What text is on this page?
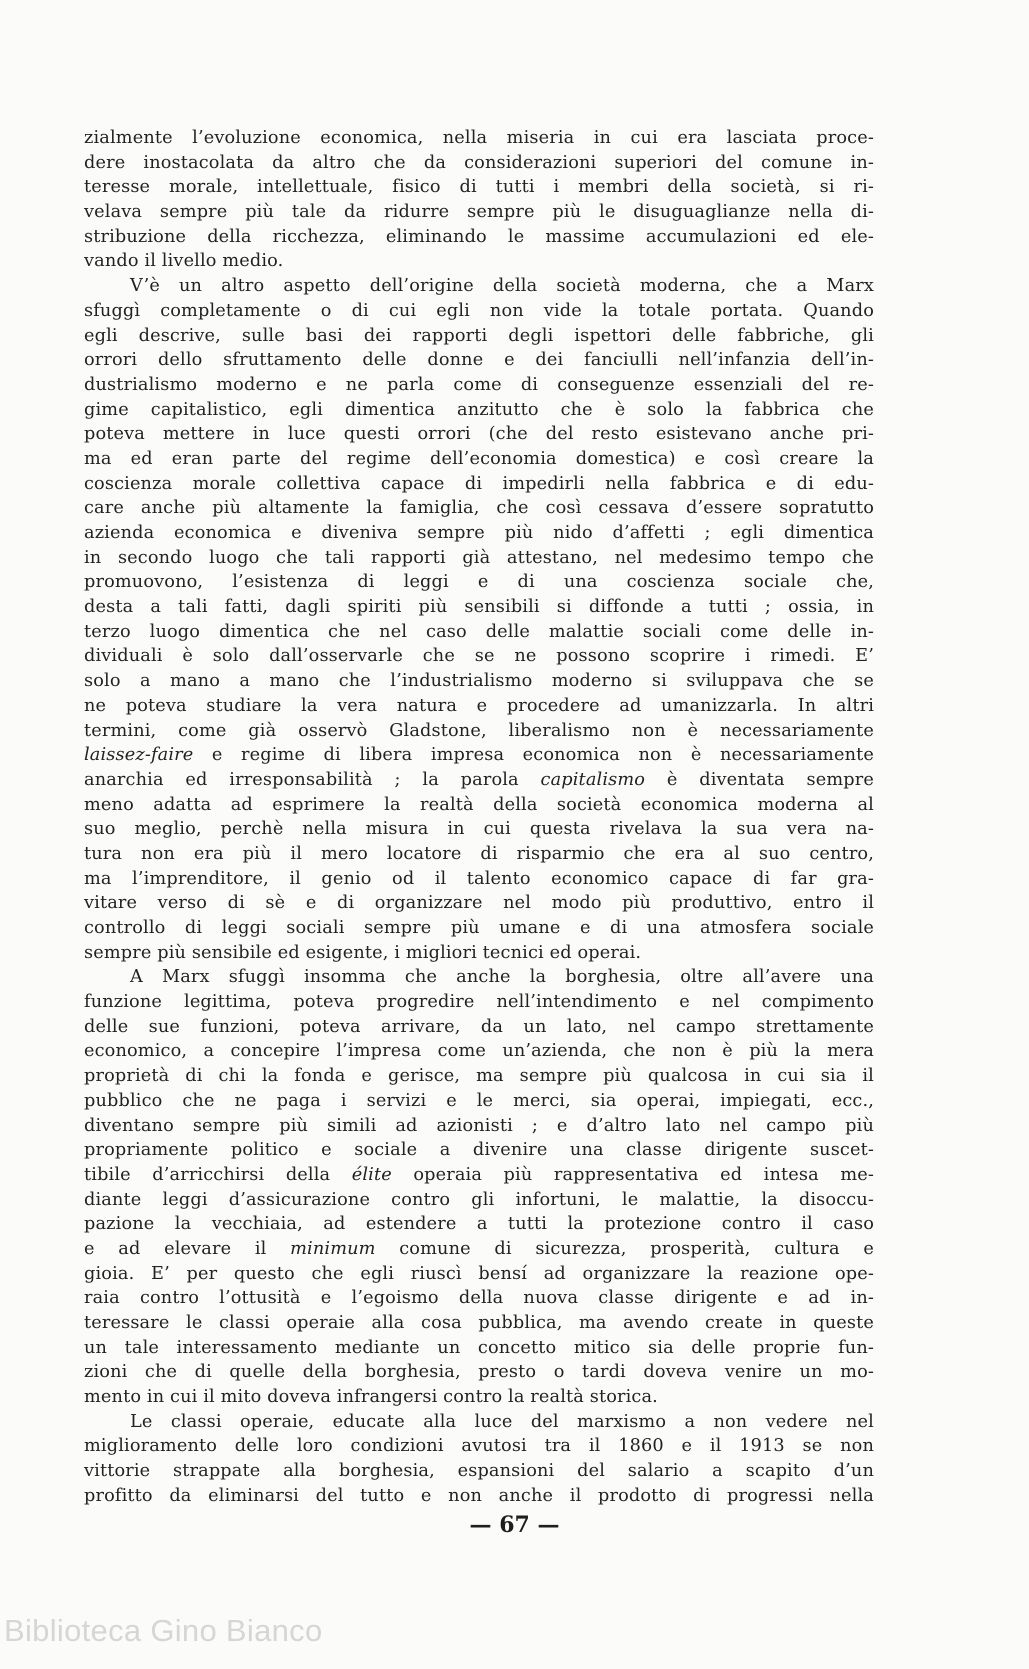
zialmente l’evoluzione economica, nella miseria in cui era lasciata proce-
dere inostacolata da altro che da considerazioni superiori del comune in-
teresse morale, intellettuale, fisico di tutti i membri della società, si ri-
velava sempre più tale da ridurre sempre più le disuguaglianze nella di-
stribuzione della ricchezza, eliminando le massime accumulazioni ed ele-
vando il livello medio.
V’è un altro aspetto dell’origine della società moderna, che a Marx
sfuggì completamente o di cui egli non vide la totale portata. Quando
egli descrive, sulle basi dei rapporti degli ispettori delle fabbriche, gli
orrori dello sfruttamento delle donne e dei fanciulli nell’infanzia dell’in-
dustrialismo moderno e ne parla come di conseguenze essenziali del re-
gime capitalistico, egli dimentica anzitutto che è solo la fabbrica che
poteva mettere in luce questi orrori (che del resto esistevano anche pri-
ma ed eran parte del regime dell’economia domestica) e così creare la
coscienza morale collettiva capace di impedirli nella fabbrica e di edu-
care anche più altamente la famiglia, che così cessava d’essere sopratutto
azienda economica e diveniva sempre più nido d’affetti ; egli dimentica
in secondo luogo che tali rapporti già attestano, nel medesimo tempo che
promuovono, l’esistenza di leggi e di una coscienza sociale che,
desta a tali fatti, dagli spiriti più sensibili si diffonde a tutti ; ossia, in
terzo luogo dimentica che nel caso delle malattie sociali come delle in-
dividuali è solo dall’osservarle che se ne possono scoprire i rimedi. E’
solo a mano a mano che l’industrialismo moderno si sviluppava che se
ne poteva studiare la vera natura e procedere ad umanizzarla. In altri
termini, come già osservò Gladstone, liberalismo non è necessariamente
laissez-faire e regime di libera impresa economica non è necessariamente
anarchia ed irresponsabilità ; la parola capitalismo è diventata sempre
meno adatta ad esprimere la realtà della società economica moderna al
suo meglio, perchè nella misura in cui questa rivelava la sua vera na-
tura non era più il mero locatore di risparmio che era al suo centro,
ma l’imprenditore, il genio od il talento economico capace di far gra-
vitare verso di sè e di organizzare nel modo più produttivo, entro il
controllo di leggi sociali sempre più umane e di una atmosfera sociale
sempre più sensibile ed esigente, i migliori tecnici ed operai.
A Marx sfuggì insomma che anche la borghesia, oltre all’avere una
funzione legittima, poteva progredire nell’intendimento e nel compimento
delle sue funzioni, poteva arrivare, da un lato, nel campo strettamente
economico, a concepire l’impresa come un’azienda, che non è più la mera
proprietà di chi la fonda e gerisce, ma sempre più qualcosa in cui sia il
pubblico che ne paga i servizi e le merci, sia operai, impiegati, ecc.,
diventano sempre più simili ad azionisti ; e d’altro lato nel campo più
propriamente politico e sociale a divenire una classe dirigente suscet-
tibile d’arricchirsi della élite operaia più rappresentativa ed intesa me-
diante leggi d’assicurazione contro gli infortuni, le malattie, la disoccu-
pazione la vecchiaia, ad estendere a tutti la protezione contro il caso
e ad elevare il minimum comune di sicurezza, prosperità, cultura e
gioia. E’ per questo che egli riuscì bensí ad organizzare la reazione ope-
raia contro l’ottusità e l’egoismo della nuova classe dirigente e ad in-
teressare le classi operaie alla cosa pubblica, ma avendo create in queste
un tale interessamento mediante un concetto mitico sia delle proprie fun-
zioni che di quelle della borghesia, presto o tardi doveva venire un mo-
mento in cui il mito doveva infrangersi contro la realtà storica.
Le classi operaie, educate alla luce del marxismo a non vedere nel
miglioramento delle loro condizioni avutosi tra il 1860 e il 1913 se non
vittorie strappate alla borghesia, espansioni del salario a scapito d’un
profitto da eliminarsi del tutto e non anche il prodotto di progressi nella
— 67 —
Biblioteca Gino Bianco
